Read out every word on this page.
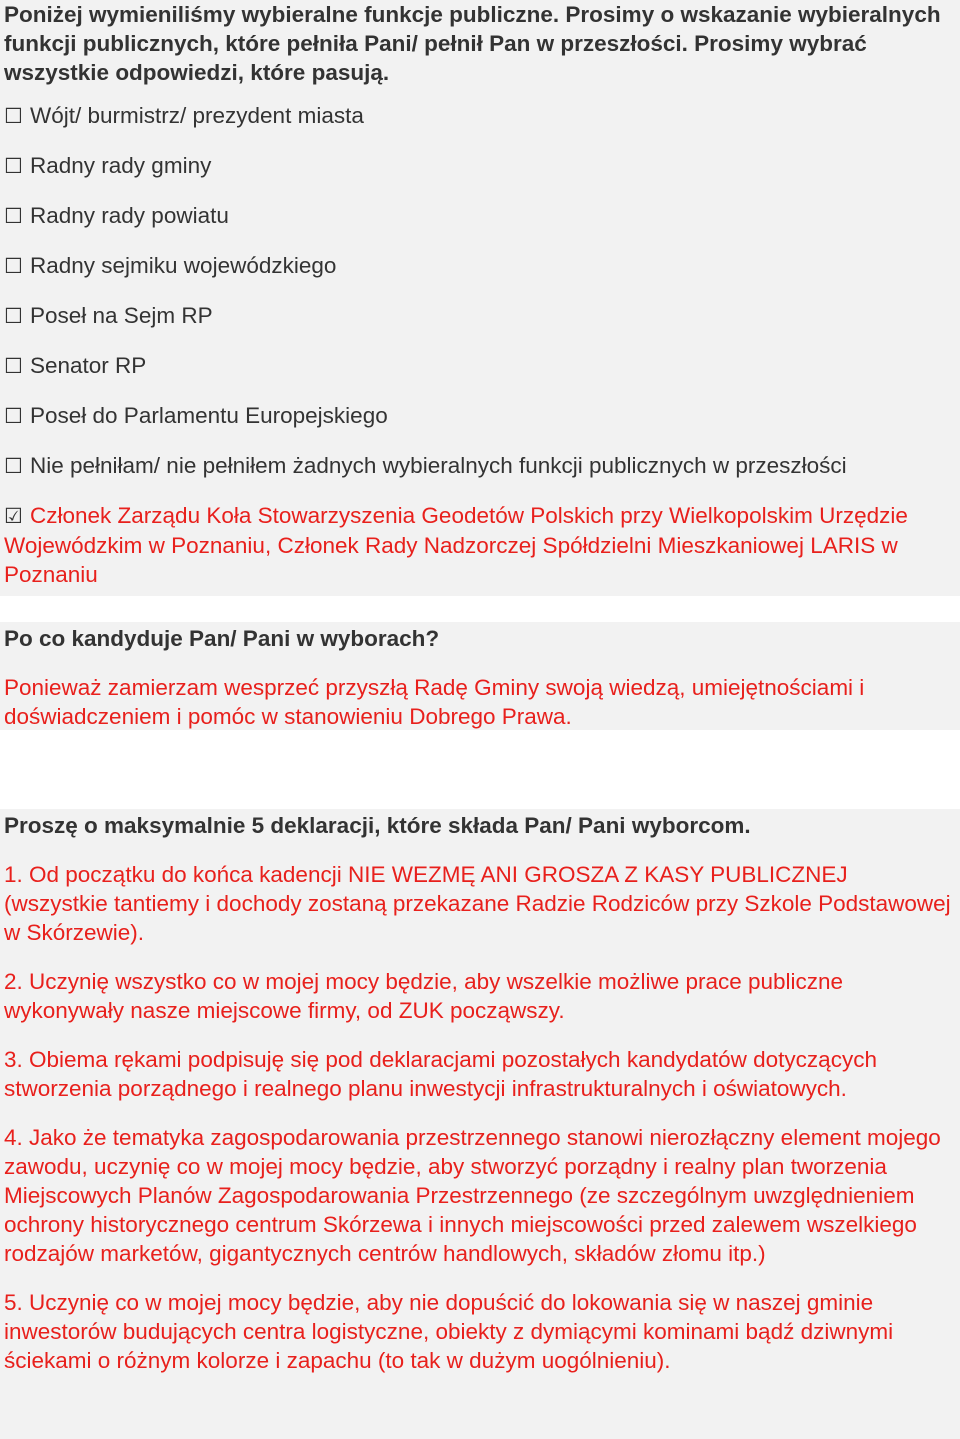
Poniżej wymieniliśmy wybieralne funkcje publiczne. Prosimy o wskazanie wybieralnych funkcji publicznych, które pełniła Pani/ pełnił Pan w przeszłości. Prosimy wybrać wszystkie odpowiedzi, które pasują.
☐ Wójt/ burmistrz/ prezydent miasta
☐ Radny rady gminy
☐ Radny rady powiatu
☐ Radny sejmiku wojewódzkiego
☐ Poseł na Sejm RP
☐ Senator RP
☐ Poseł do Parlamentu Europejskiego
☐ Nie pełniłam/ nie pełniłem żadnych wybieralnych funkcji publicznych w przeszłości
☑ Członek Zarządu Koła Stowarzyszenia Geodetów Polskich przy Wielkopolskim Urzędzie Wojewódzkim w Poznaniu, Członek Rady Nadzorczej Spółdzielni Mieszkaniowej LARIS w Poznaniu
Po co kandyduje Pan/ Pani w wyborach?
Ponieważ zamierzam wesprzeć przyszłą Radę Gminy swoją wiedzą, umiejętnościami i doświadczeniem i pomóc w stanowieniu Dobrego Prawa.
Proszę o maksymalnie 5 deklaracji, które składa Pan/ Pani wyborcom.
1. Od początku do końca kadencji NIE WEZMĘ ANI GROSZA Z KASY PUBLICZNEJ (wszystkie tantiemy i dochody zostaną przekazane Radzie Rodziców przy Szkole Podstawowej w Skórzewie).
2. Uczynię wszystko co w mojej mocy będzie, aby wszelkie możliwe prace publiczne wykonywały nasze miejscowe firmy, od ZUK począwszy.
3. Obiema rękami podpisuję się pod deklaracjami pozostałych kandydatów dotyczących stworzenia porządnego i realnego planu inwestycji infrastrukturalnych i oświatowych.
4. Jako że tematyka zagospodarowania przestrzennego stanowi nierozłączny element mojego zawodu, uczynię co w mojej mocy będzie, aby stworzyć porządny i realny plan tworzenia Miejscowych Planów Zagospodarowania Przestrzennego (ze szczególnym uwzględnieniem ochrony historycznego centrum Skórzewa i innych miejscowości przed zalewem wszelkiego rodzajów marketów, gigantycznych centrów handlowych, składów złomu itp.)
5. Uczynię co w mojej mocy będzie, aby nie dopuścić do lokowania się w naszej gminie inwestorów budujących centra logistyczne, obiekty z dymiącymi kominami bądź dziwnymi ściekami o różnym kolorze i zapachu (to tak w dużym uogólnieniu).
